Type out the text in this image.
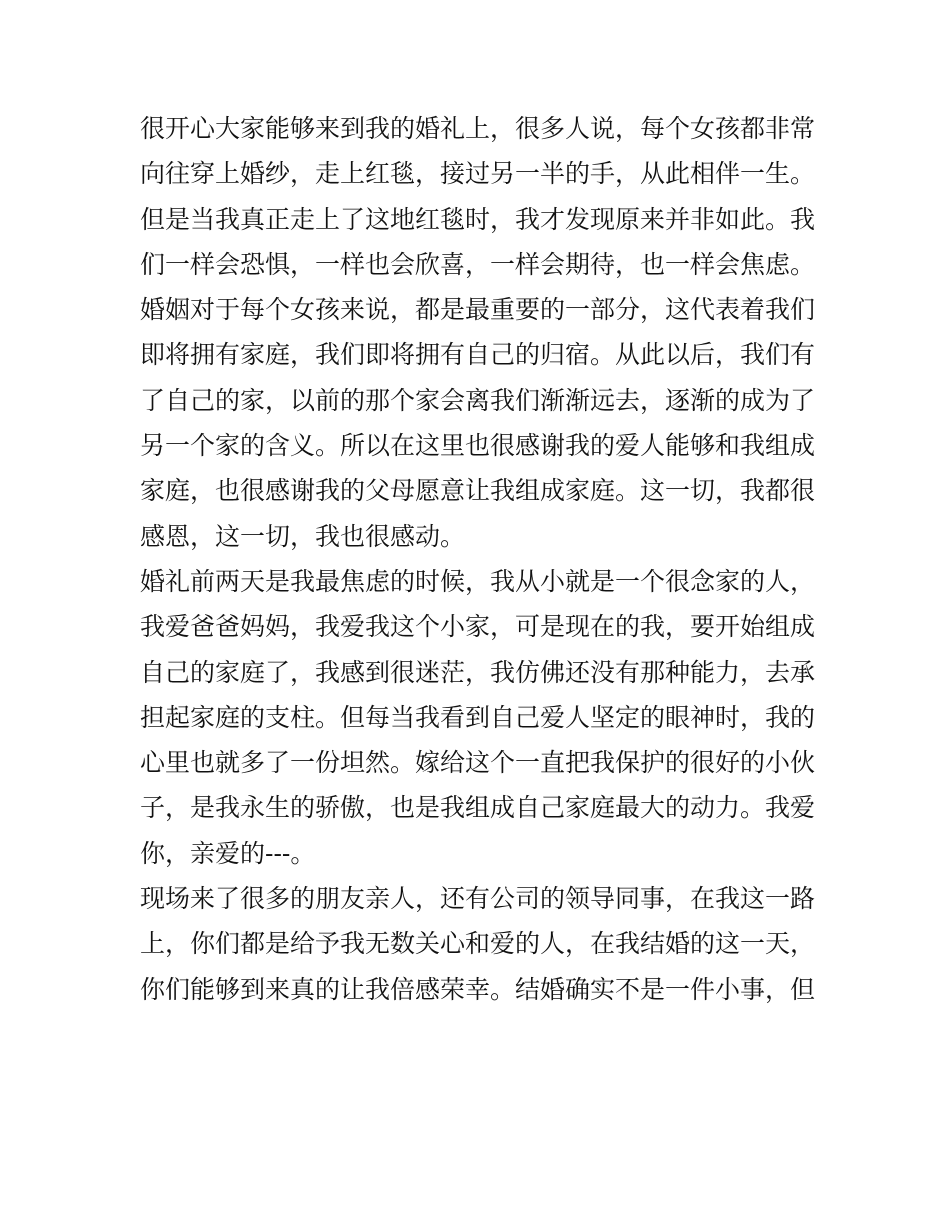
很开心大家能够来到我的婚礼上，很多人说，每个女孩都非常
向往穿上婚纱，走上红毯，接过另一半的手，从此相伴一生。
但是当我真正走上了这地红毯时，我才发现原来并非如此。我
们一样会恐惧，一样也会欣喜，一样会期待，也一样会焦虑。
婚姻对于每个女孩来说，都是最重要的一部分，这代表着我们
即将拥有家庭，我们即将拥有自己的归宿。从此以后，我们有
了自己的家，以前的那个家会离我们渐渐远去，逐渐的成为了
另一个家的含义。所以在这里也很感谢我的爱人能够和我组成
家庭，也很感谢我的父母愿意让我组成家庭。这一切，我都很
感恩，这一切，我也很感动。
婚礼前两天是我最焦虑的时候，我从小就是一个很念家的人，
我爱爸爸妈妈，我爱我这个小家，可是现在的我，要开始组成
自己的家庭了，我感到很迷茫，我仿佛还没有那种能力，去承
担起家庭的支柱。但每当我看到自己爱人坚定的眼神时，我的
心里也就多了一份坦然。嫁给这个一直把我保护的很好的小伙
子，是我永生的骄傲，也是我组成自己家庭最大的动力。我爱
你，亲爱的---。
现场来了很多的朋友亲人，还有公司的领导同事，在我这一路
上，你们都是给予我无数关心和爱的人，在我结婚的这一天，
你们能够到来真的让我倍感荣幸。结婚确实不是一件小事，但
